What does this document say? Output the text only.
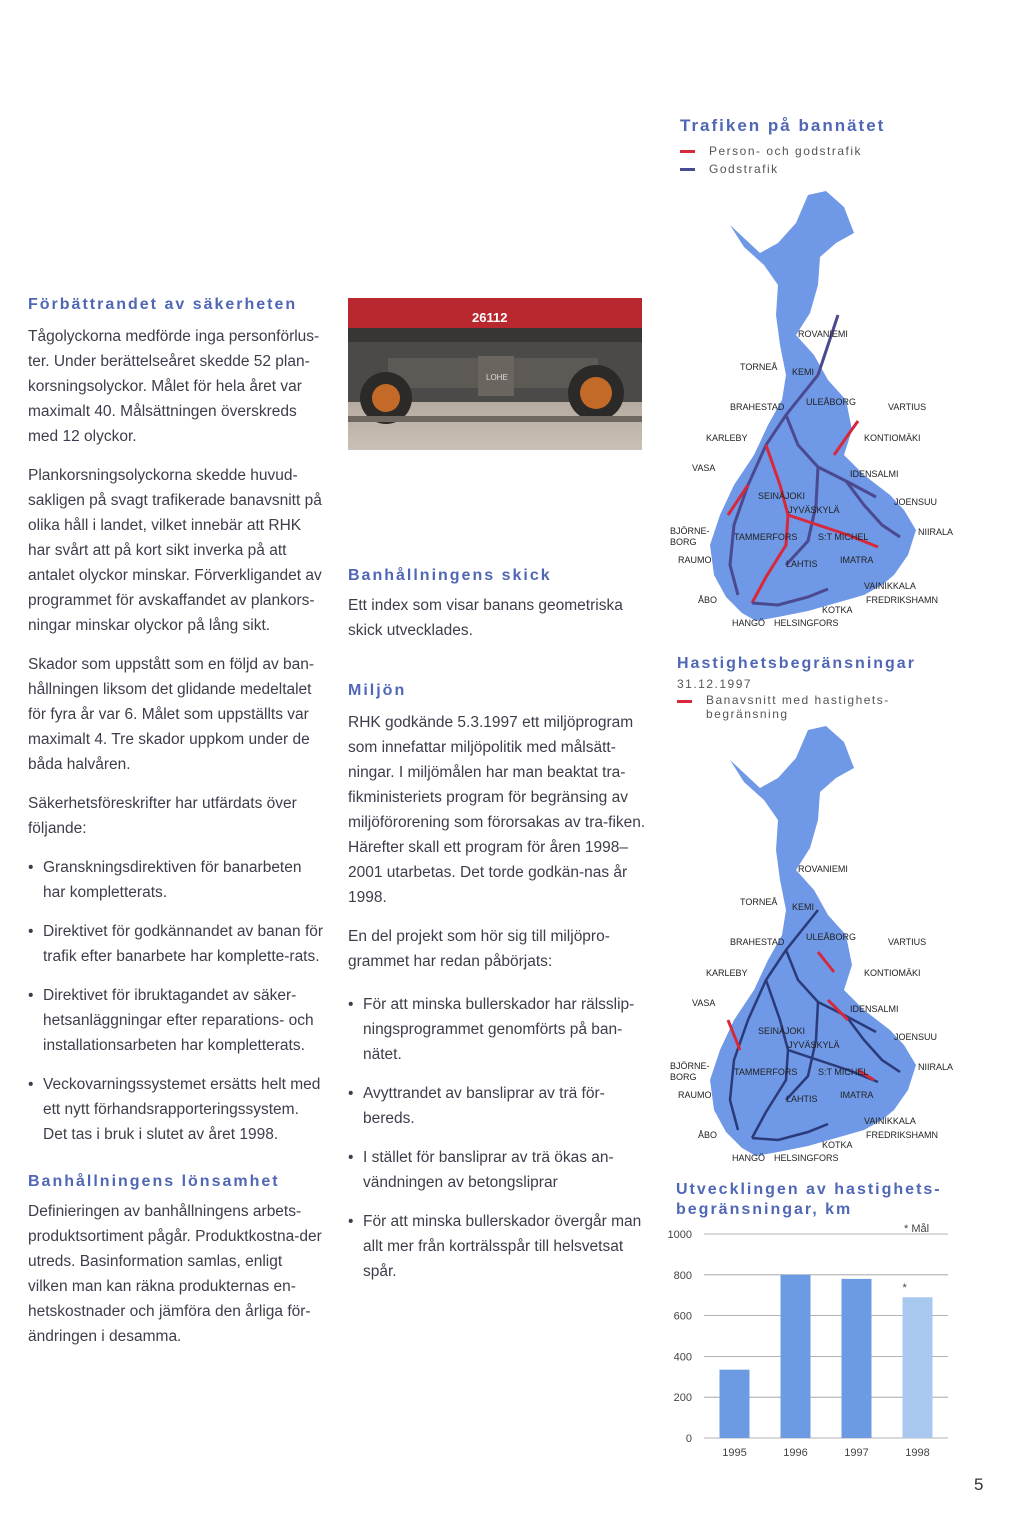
Förbättrandet av säkerheten

Tågolyckorna medförde inga personförlus-ter. Under berättelseåret skedde 52 plan-korsningsolyckor. Målet för hela året var maximalt 40. Målsättningen överskreds med 12 olyckor.

Plankorsningsolyckorna skedde huvud-sakligen på svagt trafikerade banavsnitt på olika håll i landet, vilket innebär att RHK har svårt att på kort sikt inverka på att antalet olyckor minskar. Förverkligandet av programmet för avskaffandet av plankors-ningar minskar olyckor på lång sikt.

Skador som uppstått som en följd av ban-hållningen liksom det glidande medeltalet för fyra år var 6. Målet som uppställts var maximalt 4. Tre skador uppkom under de båda halvåren.

Säkerhetsföreskrifter har utfärdats över följande:

• Granskningsdirektiven för banarbeten har kompletterats.
• Direktivet för godkännandet av banan för trafik efter banarbete har komplette-rats.
• Direktivet för ibruktagandet av säker-hetsanläggningar efter reparations- och installationsarbeten har kompletterats.
• Veckovarningssystemet ersätts helt med ett nytt förhandsrapporteringssystem. Det tas i bruk i slutet av året 1998.
Banhållningens lönsamhet

Definieringen av banhållningens arbets-produktsortiment pågår. Produktkostna-der utreds. Basinformation samlas, enligt vilken man kan räkna produkternas en-hetskostnader och jämföra den årliga för-ändringen i desamma.

26112
LOHE
Banhållningens skick

Ett index som visar banans geometriska skick utvecklades.

Miljön

RHK godkände 5.3.1997 ett miljöprogram som innefattar miljöpolitik med målsätt-ningar. I miljömålen har man beaktat tra-fikministeriets program för begränsing av miljöförorening som förorsakas av tra-fiken. Härefter skall ett program för åren 1998–2001 utarbetas. Det torde godkän-nas år 1998.

En del projekt som hör sig till miljöpro-grammet har redan påbörjats:

• För att minska bullerskador har rälsslip-ningsprogrammet genomförts på ban-nätet.
• Avyttrandet av bansliprar av trä för-bereds.
• I stället för bansliprar av trä ökas an-vändningen av betongsliprar
• För att minska bullerskador övergår man allt mer från korträlsspår till helsvetsat spår.
Trafiken på bannätet
Person- och godstrafik
Godstrafik
ROVANIEMI
TORNEÅ KEMI
BRAHESTAD ULEÅBORG	VARTIUS
KARLEBY	KONTIOMÄKI
VASA
IDENSALMI
SEINÄJOKI
JOENSUU
JYVÄSKYLÄ
BJÖRNE-
BORG	TAMMERFORS S:T MICHEL	NIIRALA
RAUMO	LAHTIS IMATRA
VAINIKKALA
ÅBO	FREDRIKSHAMN
KOTKA
HANGÖ HELSINGFORS
Hastighetsbegränsningar
31.12.1997
Banavsnitt med hastighets-begränsning
ROVANIEMI
TORNEÅ KEMI
BRAHESTAD ULEÅBORG	VARTIUS
KARLEBY	KONTIOMÄKI
VASA
IDENSALMI
SEINÄJOKI
JOENSUU
JYVÄSKYLÄ
BJÖRNE-
BORG	TAMMERFORS S:T MICHEL	NIIRALA
RAUMO	LAHTIS IMATRA
VAINIKKALA
ÅBO	FREDRIKSHAMN
KOTKA
HANGÖ HELSINGFORS
Utvecklingen av hastighets-begränsningar, km
* Mål
0
200
400
600
800
1000
1995	1996	1997
*
1998
5
